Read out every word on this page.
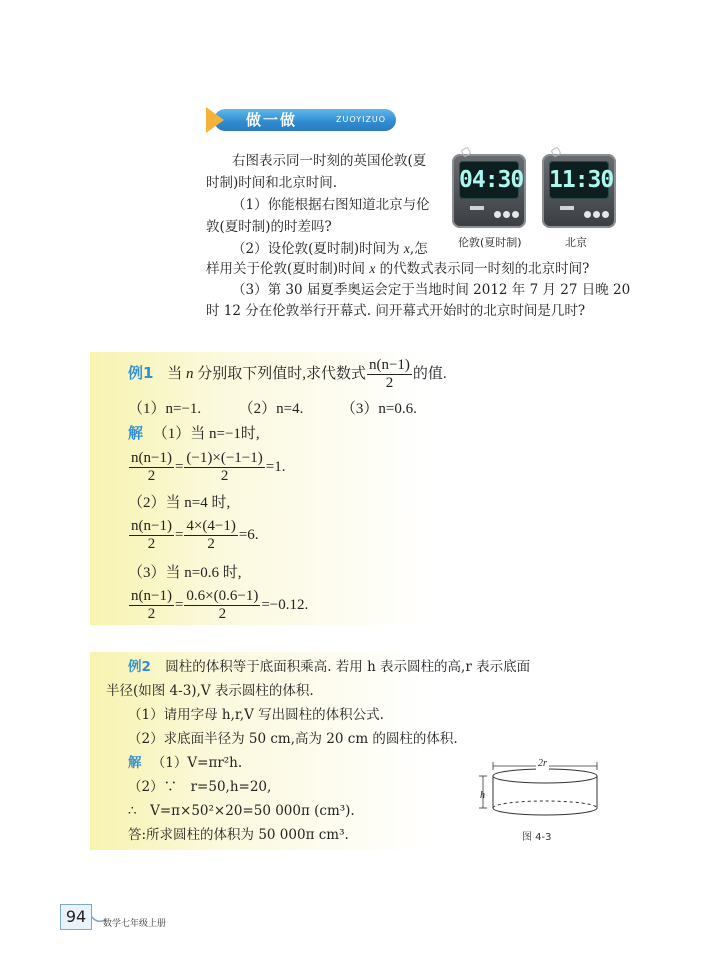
做一做	ZUOYIZUO
右图表示同一时刻的英国伦敦(夏
时制)时间和北京时间.
（1）你能根据右图知道北京与伦
敦(夏时制)的时差吗?
（2）设伦敦(夏时制)时间为 x,怎
样用关于伦敦(夏时制)时间 x 的代数式表示同一时刻的北京时间?
（3）第 30 届夏季奥运会定于当地时间 2012 年 7 月 27 日晚 20
时 12 分在伦敦举行开幕式. 问开幕式开始时的北京时间是几时?
04:30
伦敦(夏时制)
11:30
北京
例1 当 n 分别取下列值时,求代数式 $\frac{n(n-1)}{2}$ 的值.
（1）n=−1.　　　（2）n=4.　　　（3）n=0.6.
解 （1）当 n=−1时,
$\frac{n(n-1)}{2} = \frac{(-1)\times(-1-1)}{2} =1$.
（2）当 n=4 时,
$\frac{n(n-1)}{2} = \frac{4\times(4-1)}{2} =6$.
（3）当 n=0.6 时,
$\frac{n(n-1)}{2} = \frac{0.6\times(0.6-1)}{2} =-0.12$.
例2 圆柱的体积等于底面积乘高. 若用 h 表示圆柱的高,r 表示底面
半径(如图 4-3),V 表示圆柱的体积.
（1）请用字母 h,r,V 写出圆柱的体积公式.
（2）求底面半径为 50 cm,高为 20 cm 的圆柱的体积.
解 （1）V=πr²h.
（2）∵　r=50,h=20,
∴　V=π×50²×20=50 000π (cm³).
答:所求圆柱的体积为 50 000π cm³.
2r
h
图 4-3
94	数学七年级上册
